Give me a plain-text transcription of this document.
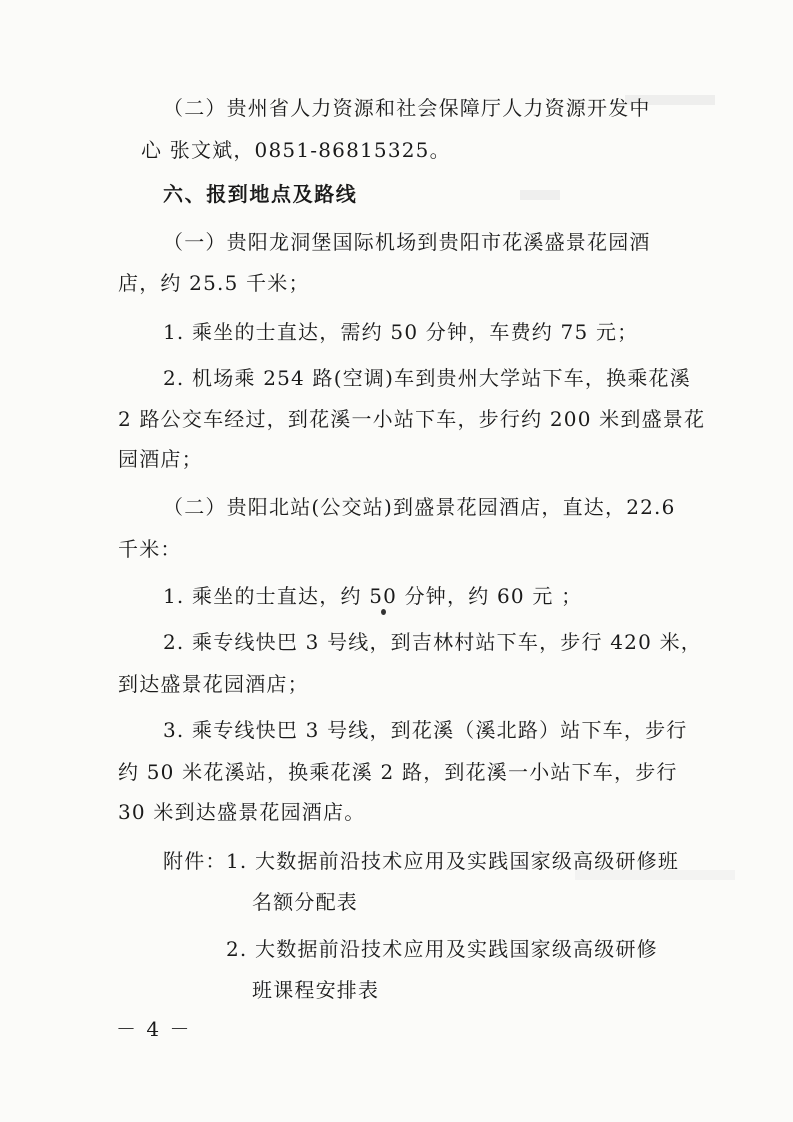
（二）贵州省人力资源和社会保障厅人力资源开发中
心 张文斌，0851-86815325。
六、报到地点及路线
（一）贵阳龙洞堡国际机场到贵阳市花溪盛景花园酒
店，约 25.5 千米；
1. 乘坐的士直达，需约 50 分钟，车费约 75 元；
2. 机场乘 254 路(空调)车到贵州大学站下车，换乘花溪
2 路公交车经过，到花溪一小站下车，步行约 200 米到盛景花
园酒店；
（二）贵阳北站(公交站)到盛景花园酒店，直达，22.6
千米：
1. 乘坐的士直达，约 50 分钟，约 60 元 ；
2. 乘专线快巴 3 号线，到吉林村站下车，步行 420 米，
到达盛景花园酒店；
3. 乘专线快巴 3 号线，到花溪（溪北路）站下车，步行
约 50 米花溪站，换乘花溪 2 路，到花溪一小站下车，步行
30 米到达盛景花园酒店。
附件： 1. 大数据前沿技术应用及实践国家级高级研修班
名额分配表
2. 大数据前沿技术应用及实践国家级高级研修
班课程安排表
－ 4 －
